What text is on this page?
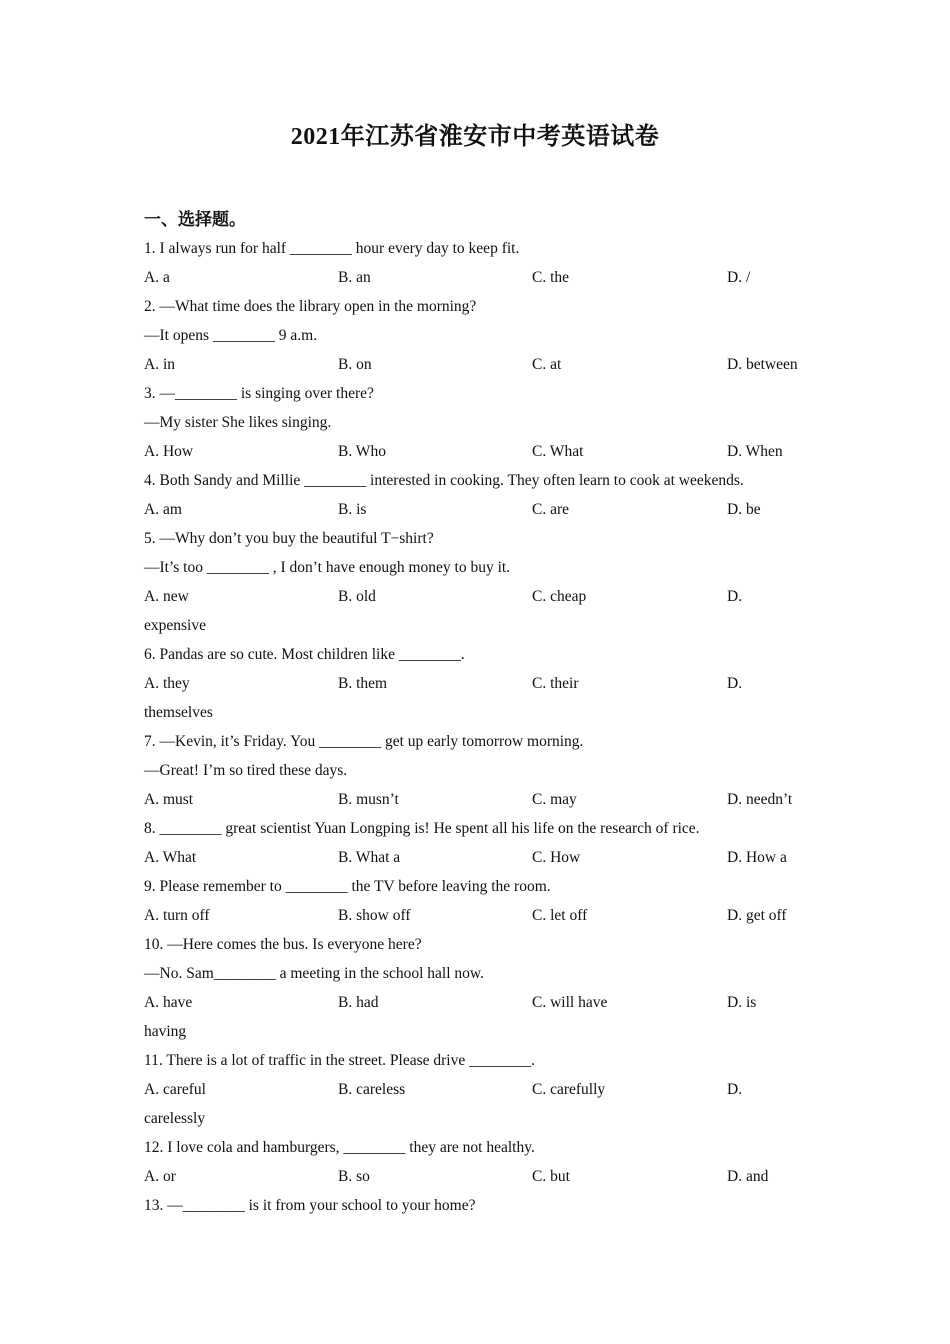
2021年江苏省淮安市中考英语试卷
一、选择题。
1. I always run for half ________ hour every day to keep fit.
A. a	B. an	C. the	D. /
2. —What time does the library open in the morning?
—It opens ________ 9 a.m.
A. in	B. on	C. at	D. between
3. —________ is singing over there?
—My sister She likes singing.
A. How	B. Who	C. What	D. When
4. Both Sandy and Millie ________ interested in cooking. They often learn to cook at weekends.
A. am	B. is	C. are	D. be
5. —Why don’t you buy the beautiful T−shirt?
—It’s too ________ , I don’t have enough money to buy it.
A. new	B. old	C. cheap	D.
expensive
6. Pandas are so cute. Most children like ________.
A. they	B. them	C. their	D.
themselves
7. —Kevin, it’s Friday. You ________ get up early tomorrow morning.
—Great! I’m so tired these days.
A. must	B. musn’t	C. may	D. needn’t
8. ________ great scientist Yuan Longping is! He spent all his life on the research of rice.
A. What	B. What a	C. How	D. How a
9. Please remember to ________ the TV before leaving the room.
A. turn off	B. show off	C. let off	D. get off
10. —Here comes the bus. Is everyone here?
—No. Sam________ a meeting in the school hall now.
A. have	B. had	C. will have	D. is
having
11. There is a lot of traffic in the street. Please drive ________.
A. careful	B. careless	C. carefully	D.
carelessly
12. I love cola and hamburgers, ________ they are not healthy.
A. or	B. so	C. but	D. and
13. —________ is it from your school to your home?
